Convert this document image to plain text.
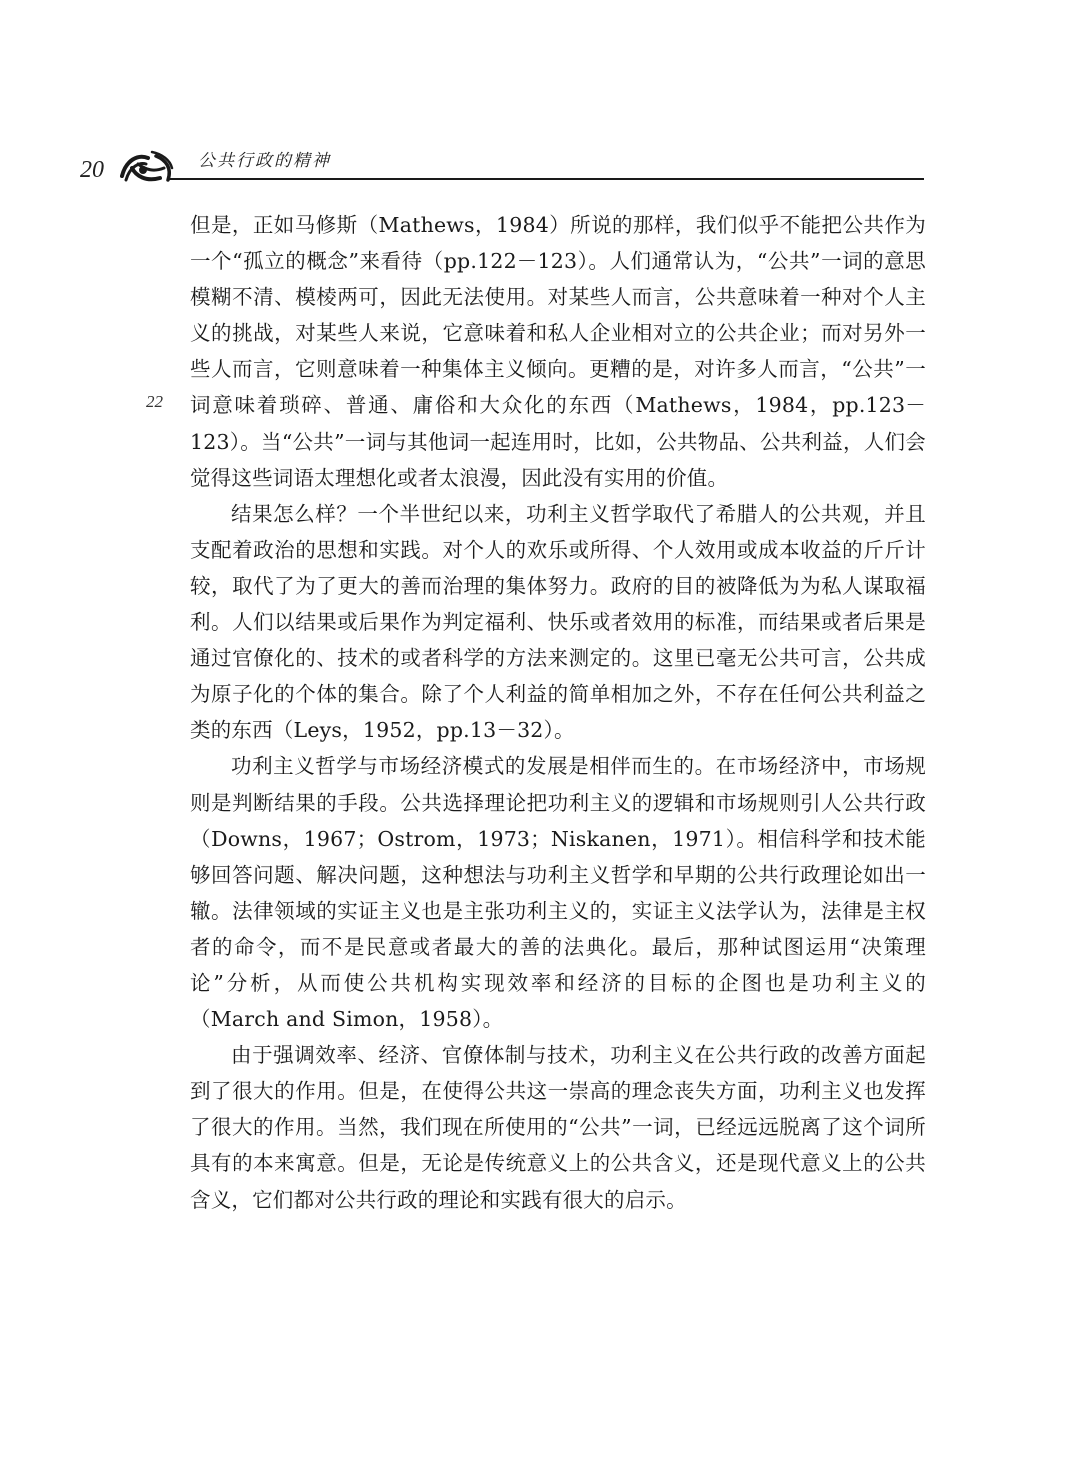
20	公共行政的精神
22

但是，正如马修斯（Mathews，1984）所说的那样，我们似乎不能把公共作为一个“孤立的概念”来看待（pp.122－123）。人们通常认为，“公共”一词的意思模糊不清、模棱两可，因此无法使用。对某些人而言，公共意味着一种对个人主义的挑战，对某些人来说，它意味着和私人企业相对立的公共企业；而对另外一些人而言，它则意味着一种集体主义倾向。更糟的是，对许多人而言，“公共”一词意味着琐碎、普通、庸俗和大众化的东西（Mathews，1984，pp.123－123）。当“公共”一词与其他词一起连用时，比如，公共物品、公共利益，人们会觉得这些词语太理想化或者太浪漫，因此没有实用的价值。

结果怎么样？一个半世纪以来，功利主义哲学取代了希腊人的公共观，并且支配着政治的思想和实践。对个人的欢乐或所得、个人效用或成本收益的斤斤计较，取代了为了更大的善而治理的集体努力。政府的目的被降低为为私人谋取福利。人们以结果或后果作为判定福利、快乐或者效用的标准，而结果或者后果是通过官僚化的、技术的或者科学的方法来测定的。这里已毫无公共可言，公共成为原子化的个体的集合。除了个人利益的简单相加之外，不存在任何公共利益之类的东西（Leys，1952，pp.13－32）。

功利主义哲学与市场经济模式的发展是相伴而生的。在市场经济中，市场规则是判断结果的手段。公共选择理论把功利主义的逻辑和市场规则引人公共行政（Downs，1967；Ostrom，1973；Niskanen，1971）。相信科学和技术能够回答问题、解决问题，这种想法与功利主义哲学和早期的公共行政理论如出一辙。法律领域的实证主义也是主张功利主义的，实证主义法学认为，法律是主权者的命令，而不是民意或者最大的善的法典化。最后，那种试图运用“决策理论”分析，从而使公共机构实现效率和经济的目标的企图也是功利主义的（March and Simon，1958）。

由于强调效率、经济、官僚体制与技术，功利主义在公共行政的改善方面起到了很大的作用。但是，在使得公共这一崇高的理念丧失方面，功利主义也发挥了很大的作用。当然，我们现在所使用的“公共”一词，已经远远脱离了这个词所具有的本来寓意。但是，无论是传统意义上的公共含义，还是现代意义上的公共含义，它们都对公共行政的理论和实践有很大的启示。
